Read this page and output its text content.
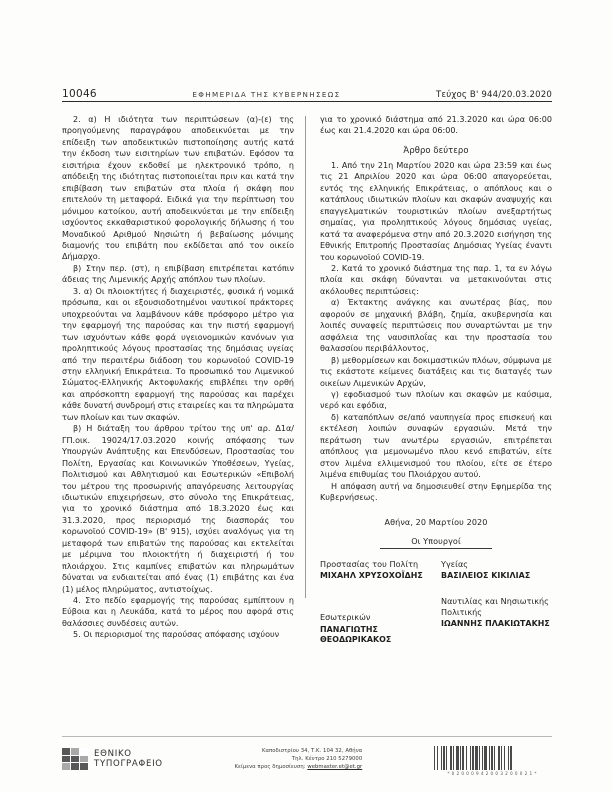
10046	ΕΦΗΜΕΡΙΔΑ ΤΗΣ ΚΥΒΕΡΝΗΣΕΩΣ	Τεύχος Β' 944/20.03.2020

2. α) Η ιδιότητα των περιπτώσεων (α)-(ε) της προηγούμενης παραγράφου αποδεικνύεται με την επίδειξη των αποδεικτικών πιστοποίησης αυτής κατά την έκδοση των εισιτηρίων των επιβατών. Εφόσον τα εισιτήρια έχουν εκδοθεί με ηλεκτρονικό τρόπο, η απόδειξη της ιδιότητας πιστοποιείται πριν και κατά την επιβίβαση των επιβατών στα πλοία ή σκάφη που επιτελούν τη μεταφορά. Ειδικά για την περίπτωση του μόνιμου κατοίκου, αυτή αποδεικνύεται με την επίδειξη ισχύοντος εκκαθαριστικού φορολογικής δήλωσης ή του Μοναδικού Αριθμού Νησιώτη ή βεβαίωσης μόνιμης διαμονής του επιβάτη που εκδίδεται από τον οικείο Δήμαρχο.

β) Στην περ. (στ), η επιβίβαση επιτρέπεται κατόπιν άδειας της Λιμενικής Αρχής απόπλου των πλοίων.

3. α) Οι πλοιοκτήτες ή διαχειριστές, φυσικά ή νομικά πρόσωπα, και οι εξουσιοδοτημένοι ναυτικοί πράκτορες υποχρεούνται να λαμβάνουν κάθε πρόσφορο μέτρο για την εφαρμογή της παρούσας και την πιστή εφαρμογή των ισχυόντων κάθε φορά υγειονομικών κανόνων για προληπτικούς λόγους προστασίας της δημόσιας υγείας από την περαιτέρω διάδοση του κορωνοϊού COVID-19 στην ελληνική Επικράτεια. Το προσωπικό του Λιμενικού Σώματος-Ελληνικής Ακτοφυλακής επιβλέπει την ορθή και απρόσκοπτη εφαρμογή της παρούσας και παρέχει κάθε δυνατή συνδρομή στις εταιρείες και τα πληρώματα των πλοίων και των σκαφών.

β) Η διάταξη του άρθρου τρίτου της υπ' αρ. Δ1α/ΓΠ.οικ. 19024/17.03.2020 κοινής απόφασης των Υπουργών Ανάπτυξης και Επενδύσεων, Προστασίας του Πολίτη, Εργασίας και Κοινωνικών Υποθέσεων, Υγείας, Πολιτισμού και Αθλητισμού και Εσωτερικών «Επιβολή του μέτρου της προσωρινής απαγόρευσης λειτουργίας ιδιωτικών επιχειρήσεων, στο σύνολο της Επικράτειας, για το χρονικό διάστημα από 18.3.2020 έως και 31.3.2020, προς περιορισμό της διασποράς του κορωνοϊού COVID-19» (Β' 915), ισχύει αναλόγως για τη μεταφορά των επιβατών της παρούσας και εκτελείται με μέριμνα του πλοιοκτήτη ή διαχειριστή ή του πλοιάρχου. Στις καμπίνες επιβατών και πληρωμάτων δύναται να ενδιαιτείται από ένας (1) επιβάτης και ένα (1) μέλος πληρώματος, αντιστοίχως.

4. Στο πεδίο εφαρμογής της παρούσας εμπίπτουν η Εύβοια και η Λευκάδα, κατά το μέρος που αφορά στις θαλάσσιες συνδέσεις αυτών.

5. Οι περιορισμοί της παρούσας απόφασης ισχύουν

για το χρονικό διάστημα από 21.3.2020 και ώρα 06:00 έως και 21.4.2020 και ώρα 06:00.

Άρθρο δεύτερο

1. Από την 21η Μαρτίου 2020 και ώρα 23:59 και έως τις 21 Απριλίου 2020 και ώρα 06:00 απαγορεύεται, εντός της ελληνικής Επικράτειας, ο απόπλους και ο κατάπλους ιδιωτικών πλοίων και σκαφών αναψυχής και επαγγελματικών τουριστικών πλοίων ανεξαρτήτως σημαίας, για προληπτικούς λόγους δημόσιας υγείας, κατά τα αναφερόμενα στην από 20.3.2020 εισήγηση της Εθνικής Επιτροπής Προστασίας Δημόσιας Υγείας έναντι του κορωνοϊού COVID-19.

2. Κατά το χρονικό διάστημα της παρ. 1, τα εν λόγω πλοία και σκάφη δύνανται να μετακινούνται στις ακόλουθες περιπτώσεις:

α) Έκτακτης ανάγκης και ανωτέρας βίας, που αφορούν σε μηχανική βλάβη, ζημία, ακυβερνησία και λοιπές συναφείς περιπτώσεις που συναρτώνται με την ασφάλεια της ναυσιπλοΐας και την προστασία του θαλασσίου περιβάλλοντος,

β) μεθορμίσεων και δοκιμαστικών πλόων, σύμφωνα με τις εκάστοτε κείμενες διατάξεις και τις διαταγές των οικείων Λιμενικών Αρχών,

γ) εφοδιασμού των πλοίων και σκαφών με καύσιμα, νερό και εφόδια,

δ) καταπόπλων σε/από ναυπηγεία προς επισκευή και εκτέλεση λοιπών συναφών εργασιών. Μετά την περάτωση των ανωτέρω εργασιών, επιτρέπεται απόπλους για μεμονωμένο πλου κενό επιβατών, είτε στον λιμένα ελλιμενισμού του πλοίου, είτε σε έτερο λιμένα επιθυμίας του Πλοιάρχου αυτού.

Η απόφαση αυτή να δημοσιευθεί στην Εφημερίδα της Κυβερνήσεως.

Αθήνα, 20 Μαρτίου 2020

Οι Υπουργοί

Προστασίας του Πολίτη

ΜΙΧΑΗΛ ΧΡΥΣΟΧΟΪΔΗΣ

Εσωτερικών

ΠΑΝΑΓΙΩΤΗΣ ΘΕΟΔΩΡΙΚΑΚΟΣ

Υγείας

ΒΑΣΙΛΕΙΟΣ ΚΙΚΙΛΙΑΣ

Ναυτιλίας και Νησιωτικής Πολιτικής

ΙΩΑΝΝΗΣ ΠΛΑΚΙΩΤΑΚΗΣ

ΕΘΝΙΚΟ
ΤΥΠΟΓΡΑΦΕΙΟ
Καποδιστρίου 34, Τ.Κ. 104 32, Αθήνα
Τηλ. Κέντρο 210 5279000
Κείμενα προς δημοσίευση: webmaster.et@et.gr
*02000942003200021*
